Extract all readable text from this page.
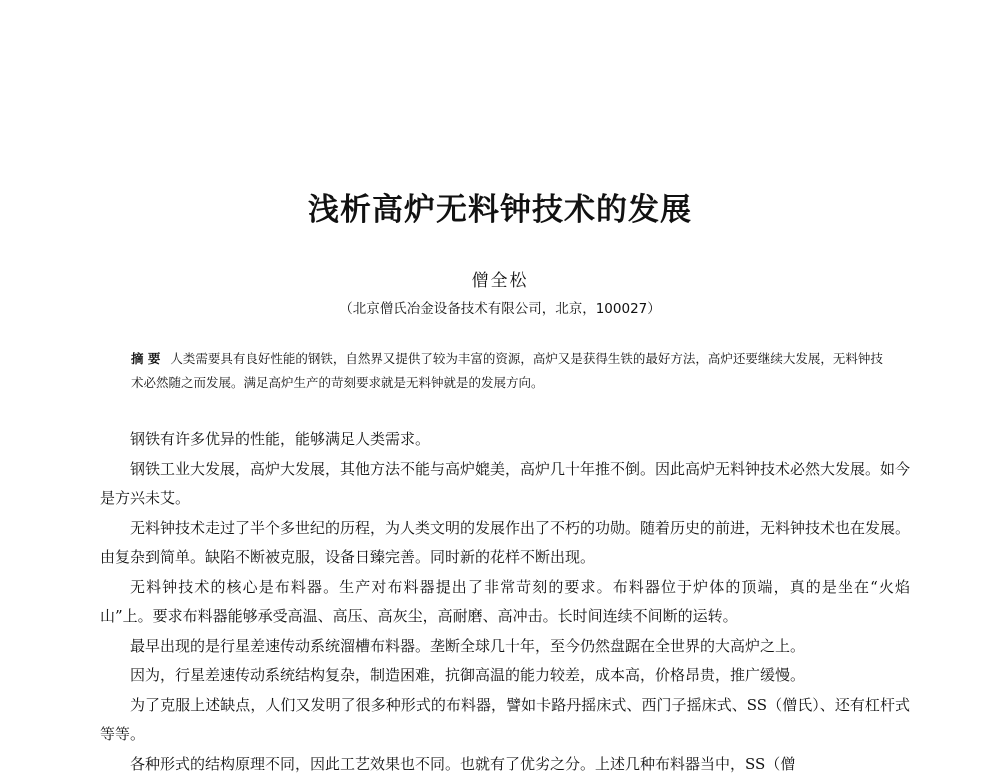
浅析高炉无料钟技术的发展
僧全松
（北京僧氏冶金设备技术有限公司，北京，100027）
摘 要 人类需要具有良好性能的钢铁，自然界又提供了较为丰富的资源，高炉又是获得生铁的最好方法，高炉还要继续大发展，无料钟技术必然随之而发展。满足高炉生产的苛刻要求就是无料钟就是的发展方向。

钢铁有许多优异的性能，能够满足人类需求。

钢铁工业大发展，高炉大发展，其他方法不能与高炉媲美，高炉几十年推不倒。因此高炉无料钟技术必然大发展。如今是方兴未艾。

无料钟技术走过了半个多世纪的历程，为人类文明的发展作出了不朽的功勋。随着历史的前进，无料钟技术也在发展。由复杂到简单。缺陷不断被克服，设备日臻完善。同时新的花样不断出现。

无料钟技术的核心是布料器。生产对布料器提出了非常苛刻的要求。布料器位于炉体的顶端，真的是坐在“火焰山”上。要求布料器能够承受高温、高压、高灰尘，高耐磨、高冲击。长时间连续不间断的运转。

最早出现的是行星差速传动系统溜槽布料器。垄断全球几十年，至今仍然盘踞在全世界的大高炉之上。

因为，行星差速传动系统结构复杂，制造困难，抗御高温的能力较差，成本高，价格昂贵，推广缓慢。

为了克服上述缺点，人们又发明了很多种形式的布料器，譬如卡路丹摇床式、西门子摇床式、SS（僧氏）、还有杠杆式等等。

各种形式的结构原理不同，因此工艺效果也不同。也就有了优劣之分。上述几种布料器当中，SS（僧
